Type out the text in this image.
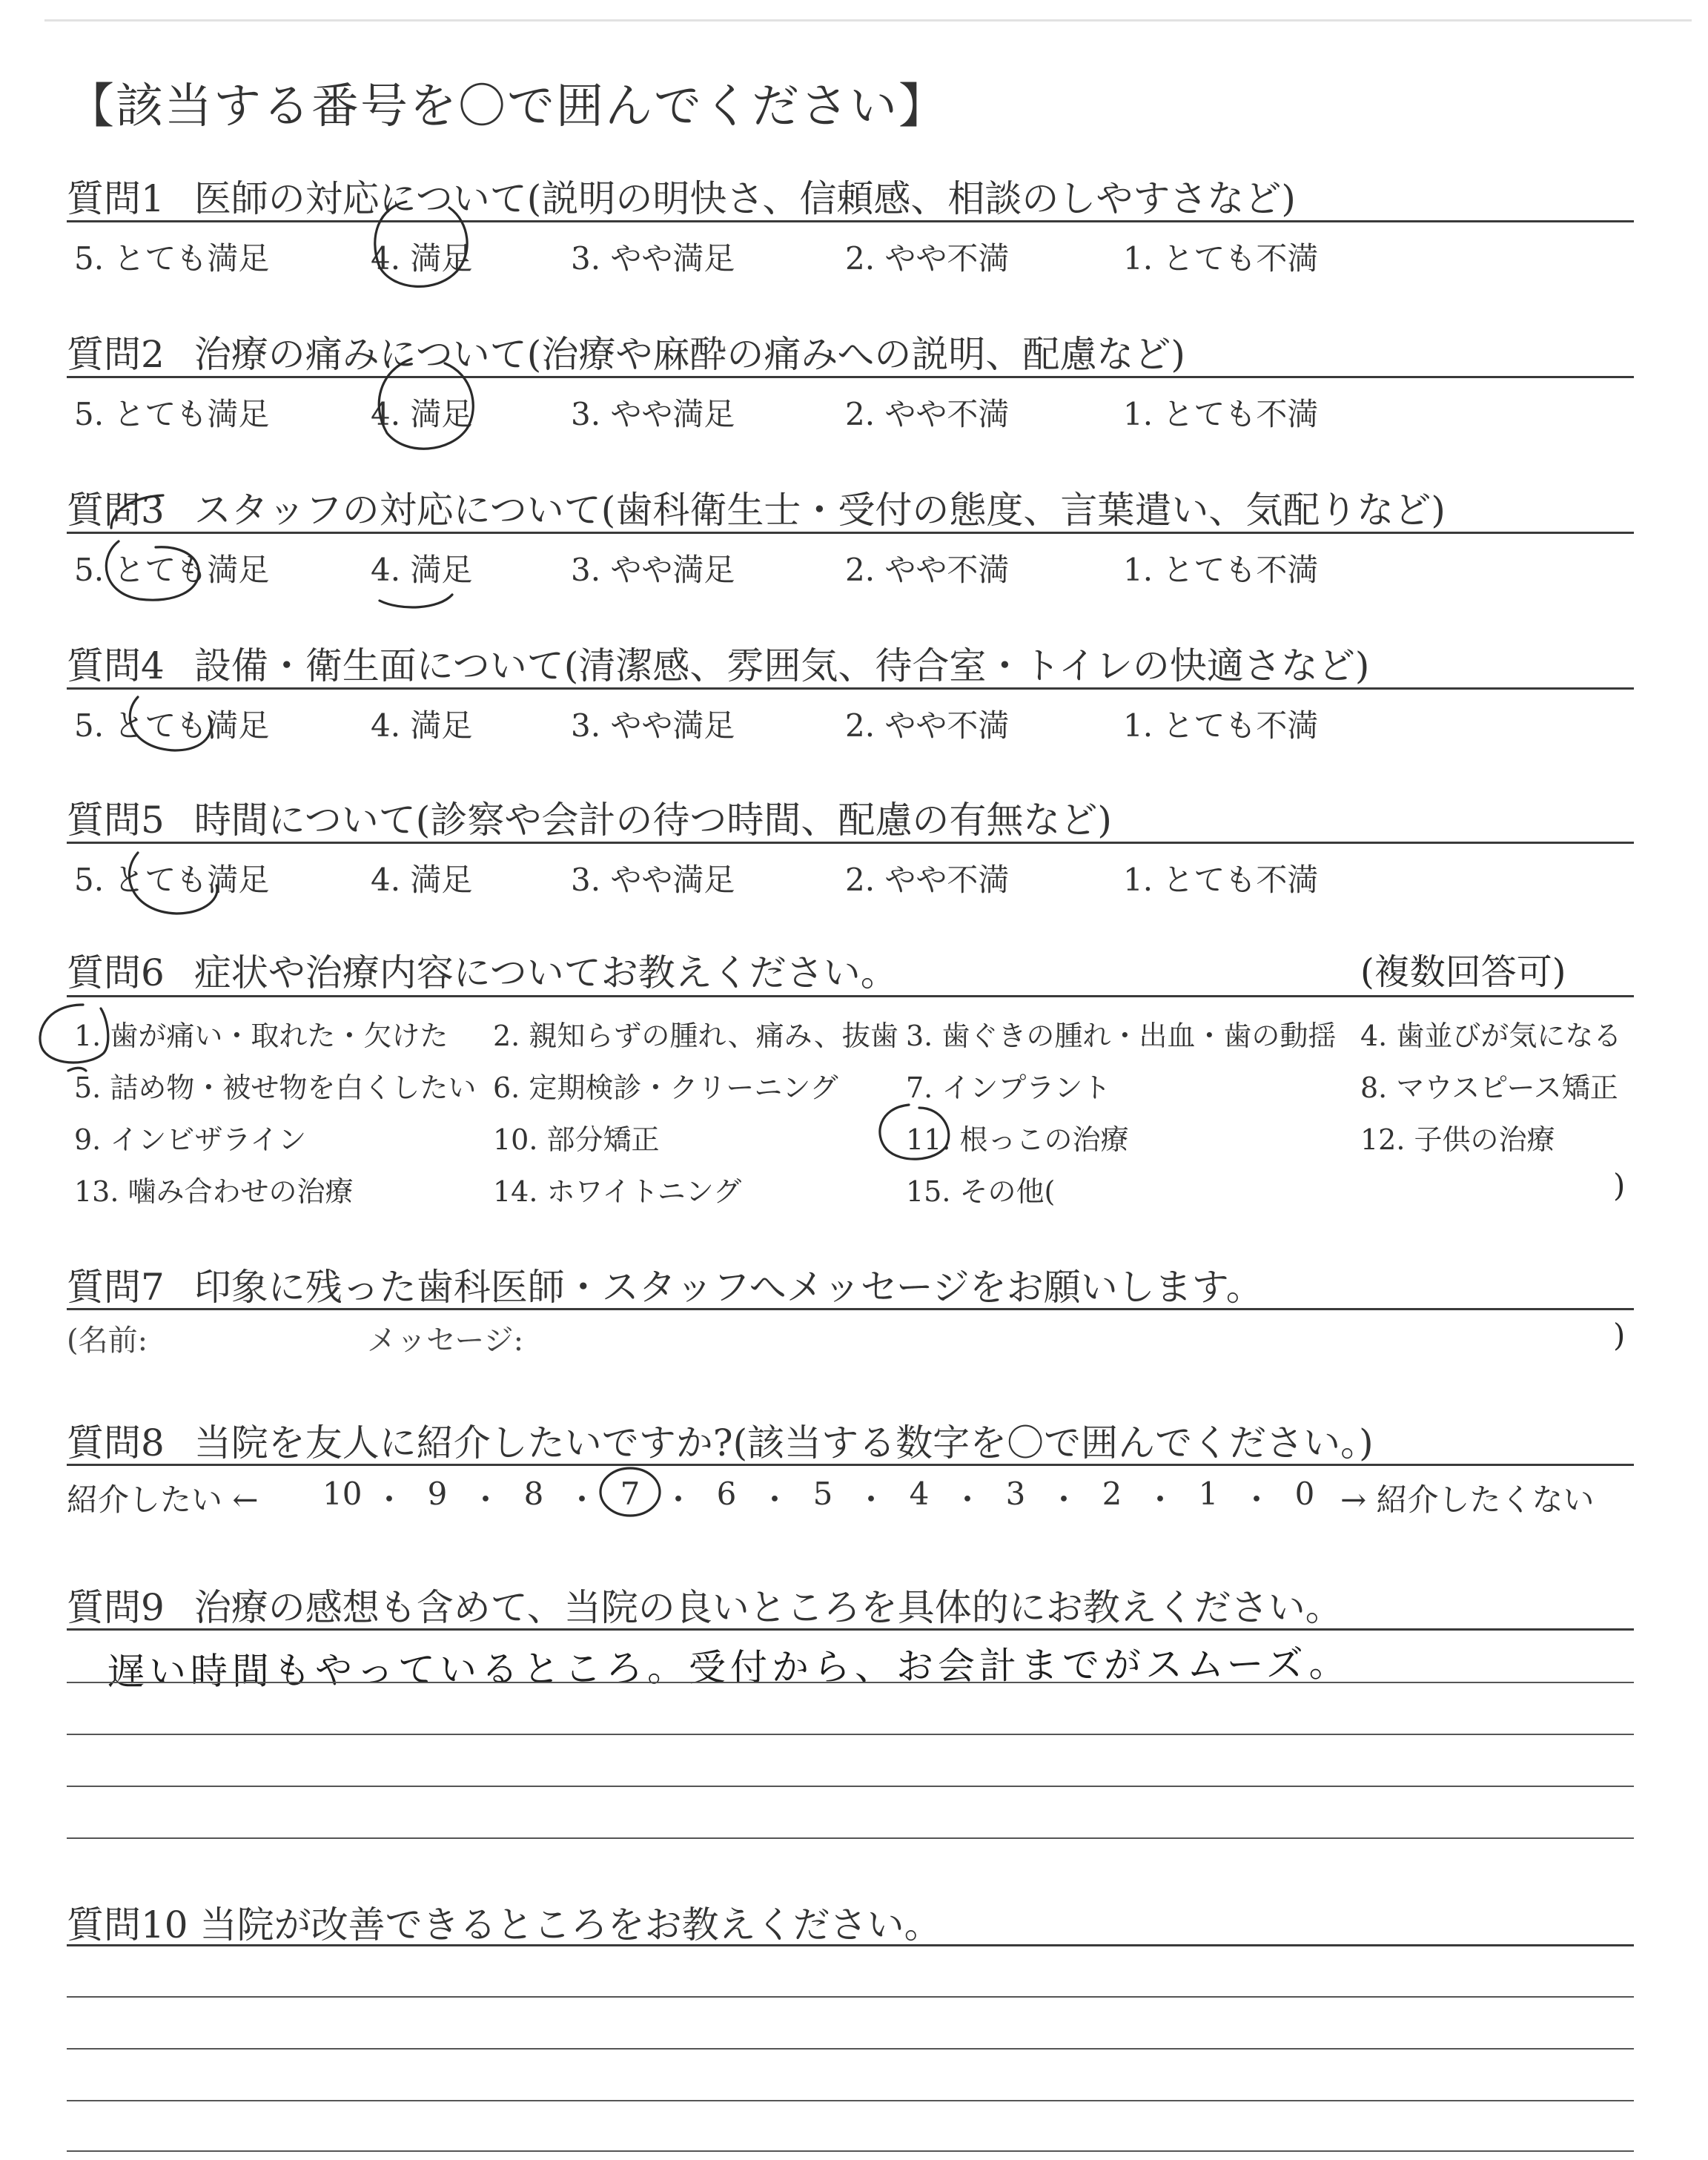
【該当する番号を〇で囲んでください】
質問1 医師の対応について(説明の明快さ、信頼感、相談のしやすさなど)
5. とても満足	4. 満足	3. やや満足	2. やや不満	1. とても不満
質問2 治療の痛みについて(治療や麻酔の痛みへの説明、配慮など)
5. とても満足	4. 満足	3. やや満足	2. やや不満	1. とても不満
質問3 スタッフの対応について(歯科衛生士・受付の態度、言葉遣い、気配りなど)
5. とても満足	4. 満足	3. やや満足	2. やや不満	1. とても不満
質問4 設備・衛生面について(清潔感、雰囲気、待合室・トイレの快適さなど)
5. とても満足	4. 満足	3. やや満足	2. やや不満	1. とても不満
質問5 時間について(診察や会計の待つ時間、配慮の有無など)
5. とても満足	4. 満足	3. やや満足	2. やや不満	1. とても不満
質問6 症状や治療内容についてお教えください。	(複数回答可)
1. 歯が痛い・取れた・欠けた 2. 親知らずの腫れ、痛み、抜歯 3. 歯ぐきの腫れ・出血・歯の動揺 4. 歯並びが気になる
5. 詰め物・被せ物を白くしたい 6. 定期検診・クリーニング 7. インプラント	8. マウスピース矯正
9. インビザライン	10. 部分矯正	11. 根っこの治療	12. 子供の治療
13. 噛み合わせの治療	14. ホワイトニング	15. その他(	)
質問7 印象に残った歯科医師・スタッフへメッセージをお願いします。
(名前:	メッセージ:	)
質問8 当院を友人に紹介したいですか?(該当する数字を〇で囲んでください。)
紹介したい ← 10 ・ 9 ・ 8 ・ 7 ・ 6 ・ 5 ・ 4 ・ 3 ・ 2 ・ 1 ・ 0 → 紹介したくない
質問9 治療の感想も含めて、当院の良いところを具体的にお教えください。
遅い時間もやっているところ。受付から、お会計までがスムーズ。
質問10 当院が改善できるところをお教えください。
